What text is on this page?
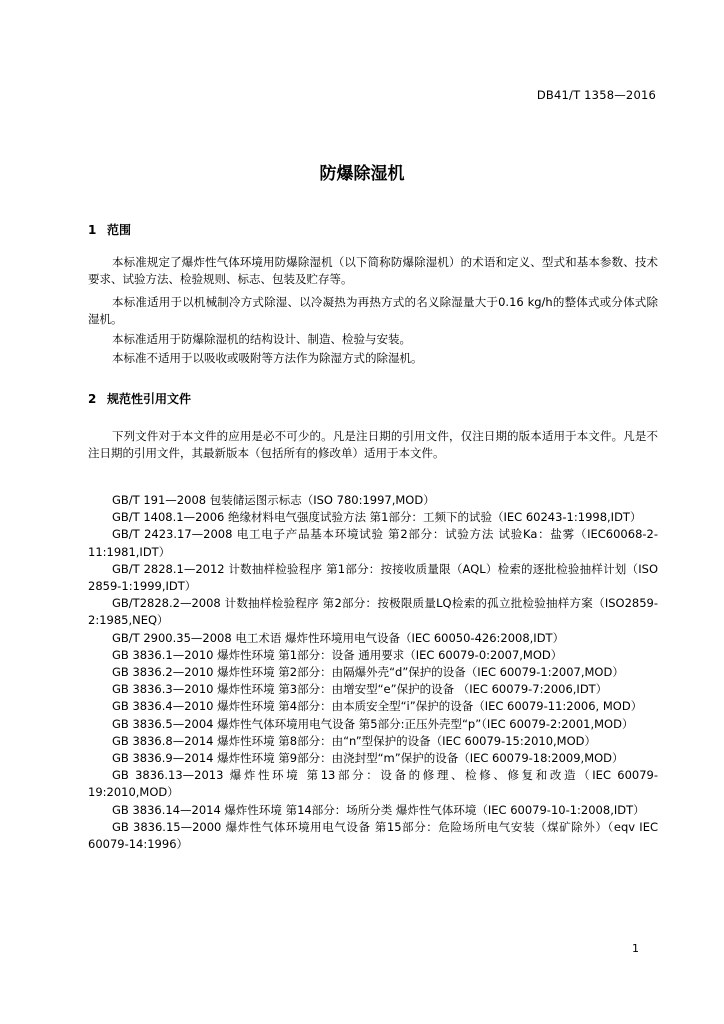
DB41/T 1358—2016
防爆除湿机
1 范围

本标准规定了爆炸性气体环境用防爆除湿机（以下简称防爆除湿机）的术语和定义、型式和基本参数、技术要求、试验方法、检验规则、标志、包装及贮存等。

本标准适用于以机械制冷方式除湿、以冷凝热为再热方式的名义除湿量大于0.16 kg/h的整体式或分体式除湿机。

本标准适用于防爆除湿机的结构设计、制造、检验与安装。

本标准不适用于以吸收或吸附等方法作为除湿方式的除湿机。

2 规范性引用文件

下列文件对于本文件的应用是必不可少的。凡是注日期的引用文件，仅注日期的版本适用于本文件。凡是不注日期的引用文件，其最新版本（包括所有的修改单）适用于本文件。

GB/T 191—2008 包装储运图示标志（ISO 780:1997,MOD）

GB/T 1408.1—2006 绝缘材料电气强度试验方法 第1部分：工频下的试验（IEC 60243-1:1998,IDT）

GB/T 2423.17—2008 电工电子产品基本环境试验 第2部分：试验方法 试验Ka：盐雾（IEC60068-2-11:1981,IDT）

GB/T 2828.1—2012 计数抽样检验程序 第1部分：按接收质量限（AQL）检索的逐批检验抽样计划（ISO 2859-1:1999,IDT）

GB/T2828.2—2008 计数抽样检验程序 第2部分：按极限质量LQ检索的孤立批检验抽样方案（ISO2859-2:1985,NEQ）

GB/T 2900.35—2008 电工术语 爆炸性环境用电气设备（IEC 60050-426:2008,IDT）

GB 3836.1—2010 爆炸性环境 第1部分：设备 通用要求（IEC 60079-0:2007,MOD）

GB 3836.2—2010 爆炸性环境 第2部分：由隔爆外壳“d”保护的设备（IEC 60079-1:2007,MOD）

GB 3836.3—2010 爆炸性环境 第3部分：由增安型“e”保护的设备 （IEC 60079-7:2006,IDT）

GB 3836.4—2010 爆炸性环境 第4部分：由本质安全型“i”保护的设备（IEC 60079-11:2006, MOD）

GB 3836.5—2004 爆炸性气体环境用电气设备 第5部分:正压外壳型“p”（IEC 60079-2:2001,MOD）

GB 3836.8—2014 爆炸性环境 第8部分：由“n”型保护的设备（IEC 60079-15:2010,MOD）

GB 3836.9—2014 爆炸性环境 第9部分：由浇封型“m”保护的设备（IEC 60079-18:2009,MOD）

GB 3836.13—2013 爆炸性环境 第13部分：设备的修理、检修、修复和改造（IEC 60079-19:2010,MOD）

GB 3836.14—2014 爆炸性环境 第14部分：场所分类 爆炸性气体环境（IEC 60079-10-1:2008,IDT）

GB 3836.15—2000 爆炸性气体环境用电气设备 第15部分：危险场所电气安装（煤矿除外）（eqv IEC 60079-14:1996）

1
